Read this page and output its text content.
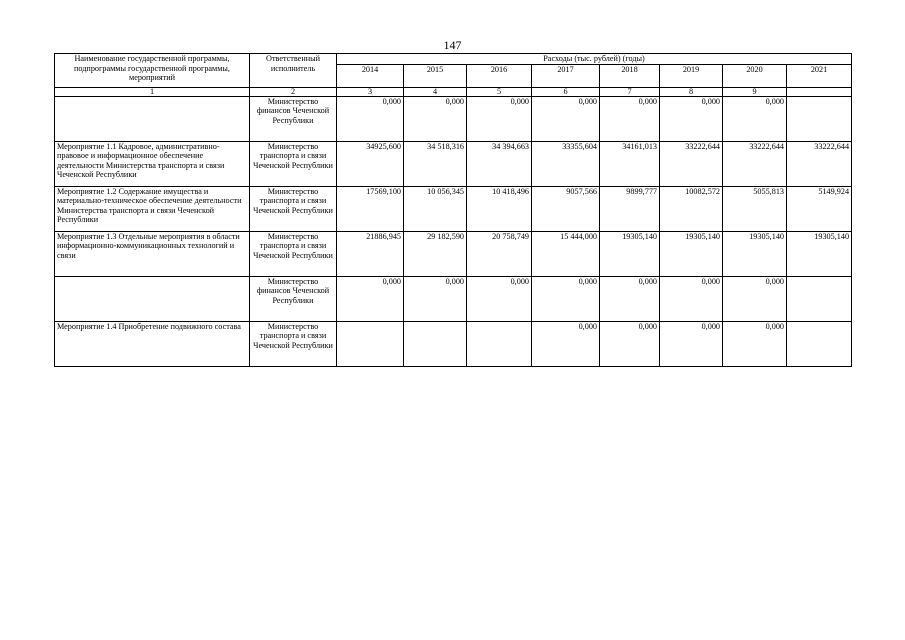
147
Наименование государственной программы, подпрограммы государственной программы, мероприятий	Ответственный исполнитель	Расходы (тыс. рублей) (годы)							
		2014	2015	2016	2017	2018	2019	2020	2021
1	2	3	4	5	6	7	8	9	
	Министерство финансов Чеченской Республики	0,000	0,000	0,000	0,000	0,000	0,000	0,000	
Мероприятие 1.1 Кадровое, административно-правовое и информационное обеспечение деятельности Министерства транспорта и связи Чеченской Республики	Министерство транспорта и связи Чеченской Республики	34925,600	34 518,316	34 394,663	33355,604	34161,013	33222,644	33222,644	33222,644
Мероприятие 1.2 Содержание имущества и материально-техническое обеспечение деятельности Министерства транспорта и связи Чеченской Республики	Министерство транспорта и связи Чеченской Республики	17569,100	10 056,345	10 418,496	9057,566	9899,777	10082,572	5055,813	5149,924
Мероприятие 1.3 Отдельные мероприятия в области информационно-коммуникационных технологий и связи	Министерство транспорта и связи Чеченской Республики	21886,945	29 182,590	20 758,749	15 444,000	19305,140	19305,140	19305,140	19305,140
	Министерство финансов Чеченской Республики	0,000	0,000	0,000	0,000	0,000	0,000	0,000	
Мероприятие 1.4 Приобретение подвижного состава	Министерство транспорта и связи Чеченской Республики				0,000	0,000	0,000	0,000	
